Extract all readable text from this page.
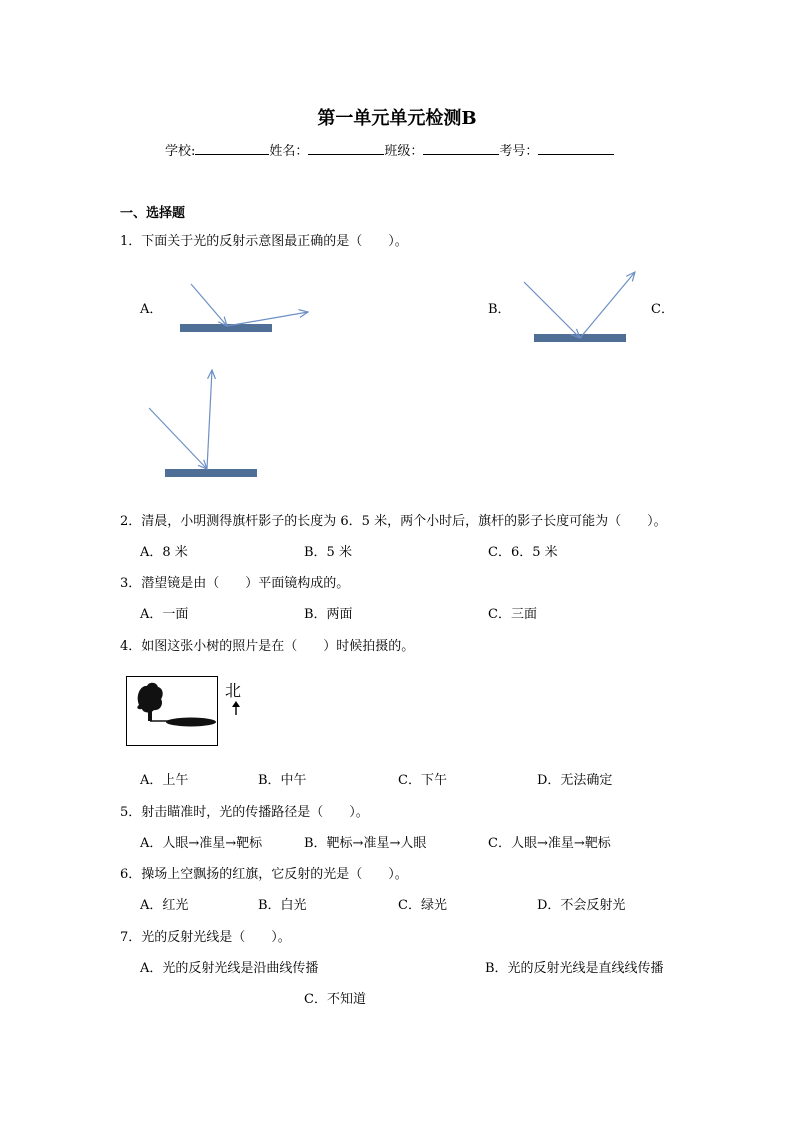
第一单元单元检测B
学校:	姓名：	班级：	考号：
一、选择题
1．下面关于光的反射示意图最正确的是（　　）。
A．	B．	C．
2．清晨，小明测得旗杆影子的长度为 6．5 米，两个小时后，旗杆的影子长度可能为（　　）。
A．8 米	B．5 米	C．6．5 米
3．潜望镜是由（　　）平面镜构成的。
A．一面	B．两面	C．三面
4．如图这张小树的照片是在（　　）时候拍摄的。
北
A．上午	B．中午	C．下午	D．无法确定
5．射击瞄准时，光的传播路径是（　　）。
A．人眼→准星→靶标	B．靶标→准星→人眼	C．人眼→准星→靶标
6．操场上空飘扬的红旗，它反射的光是（　　）。
A．红光	B．白光	C．绿光	D．不会反射光
7．光的反射光线是（　　）。
A．光的反射光线是沿曲线传播	B．光的反射光线是直线线传播
C．不知道
